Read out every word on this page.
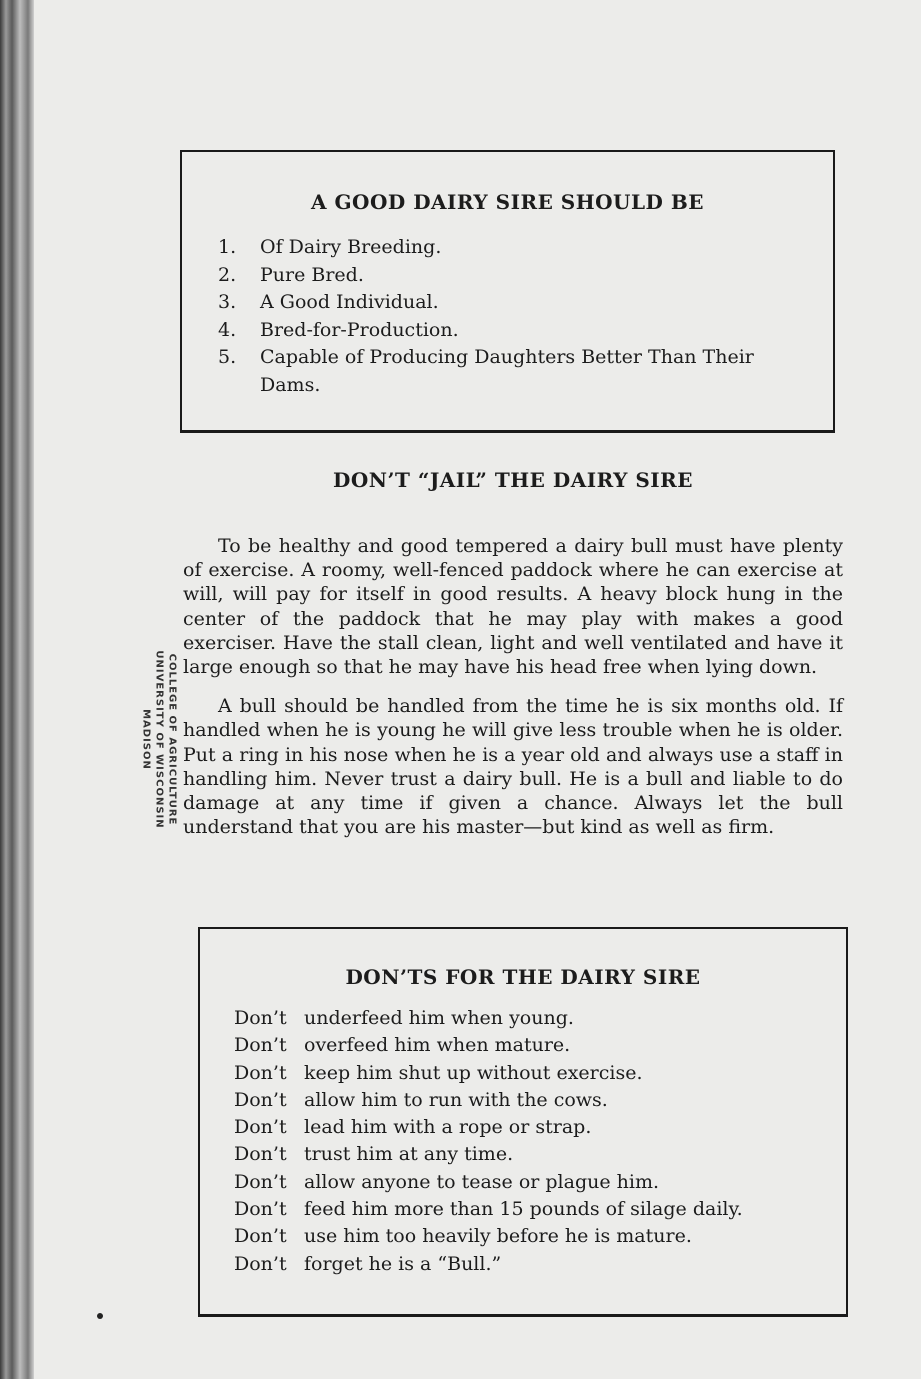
COLLEGE OF AGRICULTURE
UNIVERSITY OF WISCONSIN
MADISON
A GOOD DAIRY SIRE SHOULD BE
1.	Of Dairy Breeding.
2.	Pure Bred.
3.	A Good Individual.
4.	Bred-for-Production.
5.	Capable of Producing Daughters Better Than Their Dams.
DON’T “JAIL” THE DAIRY SIRE

To be healthy and good tempered a dairy bull must have plenty of exercise. A roomy, well-fenced paddock where he can exercise at will, will pay for itself in good results. A heavy block hung in the center of the paddock that he may play with makes a good exerciser. Have the stall clean, light and well ventilated and have it large enough so that he may have his head free when lying down.

A bull should be handled from the time he is six months old. If handled when he is young he will give less trouble when he is older. Put a ring in his nose when he is a year old and always use a staff in handling him. Never trust a dairy bull. He is a bull and liable to do damage at any time if given a chance. Always let the bull understand that you are his master—but kind as well as firm.

DON’TS FOR THE DAIRY SIRE
Don’t underfeed him when young.
Don’t overfeed him when mature.
Don’t keep him shut up without exercise.
Don’t allow him to run with the cows.
Don’t lead him with a rope or strap.
Don’t trust him at any time.
Don’t allow anyone to tease or plague him.
Don’t feed him more than 15 pounds of silage daily.
Don’t use him too heavily before he is mature.
Don’t forget he is a “Bull.”
